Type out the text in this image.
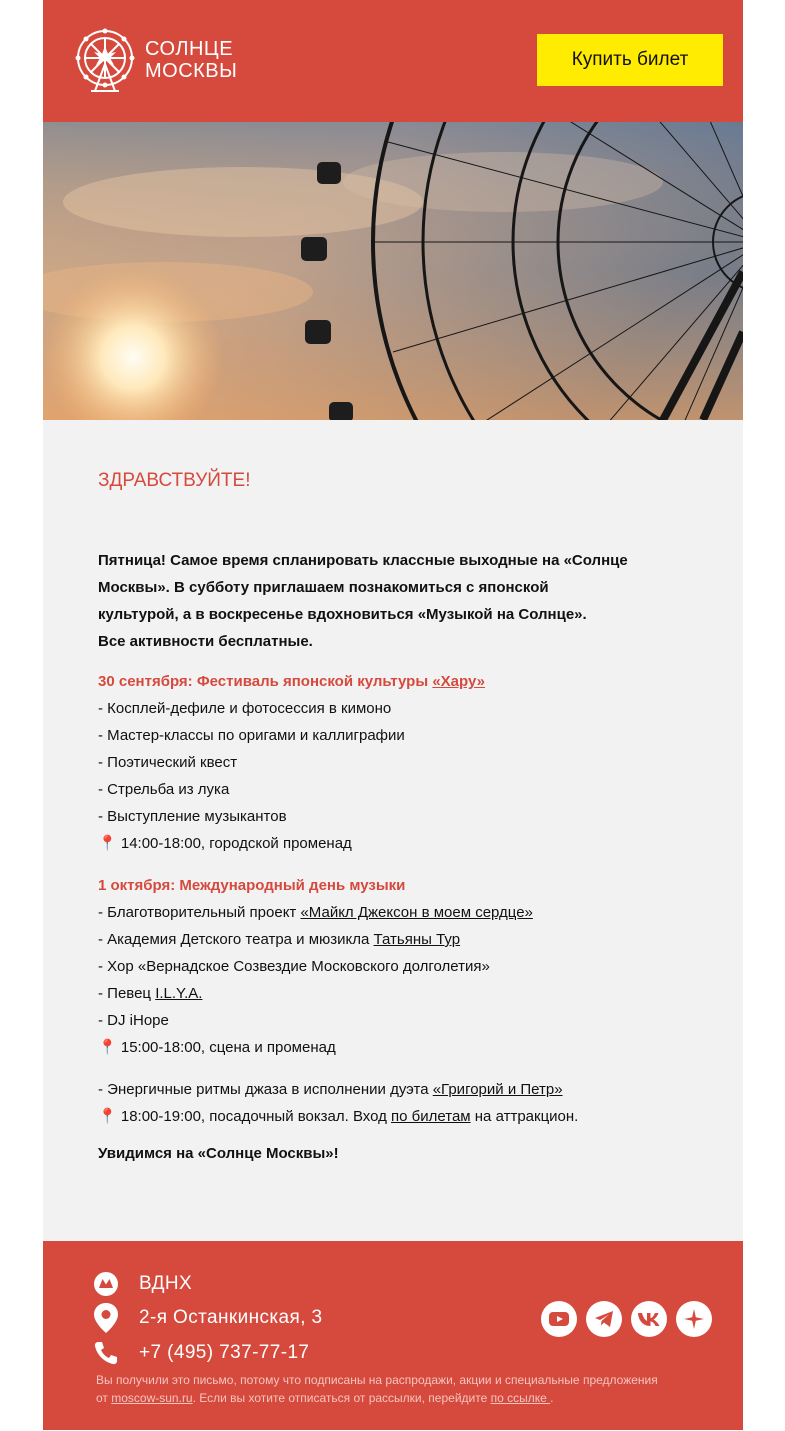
СОЛНЦЕ
МОСКВЫ
Купить билет
ЗДРАВСТВУЙТЕ!
Пятница! Самое время спланировать классные выходные на «Солнце
Москвы». В субботу приглашаем познакомиться с японской
культурой, а в воскресенье вдохновиться «Музыкой на Солнце».
Все активности бесплатные.
30 сентября: Фестиваль японской культуры «Хару»
- Косплей-дефиле и фотосессия в кимоно
- Мастер-классы по оригами и каллиграфии
- Поэтический квест
- Стрельба из лука
- Выступление музыкантов
📍 14:00-18:00, городской променад
1 октября: Международный день музыки
- Благотворительный проект «Майкл Джексон в моем сердце»
- Академия Детского театра и мюзикла Татьяны Тур
- Хор «Вернадское Созвездие Московского долголетия»
- Певец I.L.Y.A.
- DJ iHope
📍 15:00-18:00, сцена и променад
- Энергичные ритмы джаза в исполнении дуэта «Григорий и Петр»
📍 18:00-19:00, посадочный вокзал. Вход по билетам на аттракцион.
Увидимся на «Солнце Москвы»!
ВДНХ
2-я Останкинская, 3
+7 (495) 737-77-17
Вы получили это письмо, потому что подписаны на распродажи, акции и специальные предложения
от moscow-sun.ru. Если вы хотите отписаться от рассылки, перейдите по ссылке .
